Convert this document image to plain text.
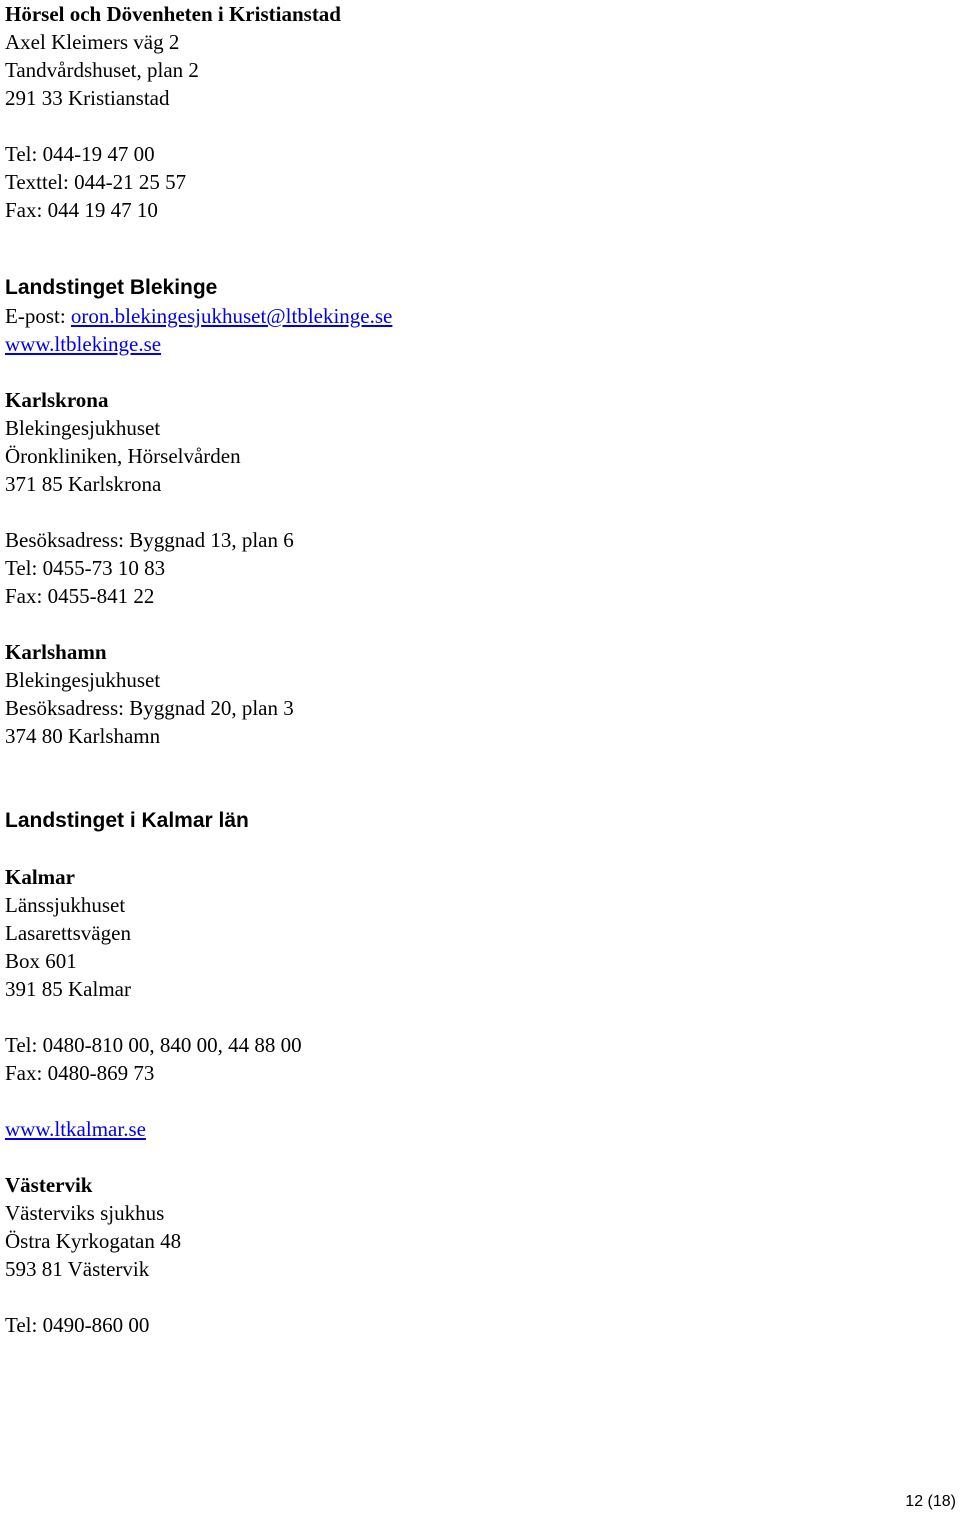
Hörsel och Dövenheten i Kristianstad
Axel Kleimers väg 2
Tandvårdshuset, plan 2
291 33 Kristianstad
Tel: 044-19 47 00
Texttel: 044-21 25 57
Fax: 044 19 47 10
Landstinget Blekinge
E-post: oron.blekingesjukhuset@ltblekinge.se
www.ltblekinge.se
Karlskrona
Blekingesjukhuset
Öronkliniken, Hörselvården
371 85 Karlskrona
Besöksadress: Byggnad 13, plan 6
Tel: 0455-73 10 83
Fax: 0455-841 22
Karlshamn
Blekingesjukhuset
Besöksadress: Byggnad 20, plan 3
374 80 Karlshamn
Landstinget i Kalmar län
Kalmar
Länssjukhuset
Lasarettsvägen
Box 601
391 85 Kalmar
Tel: 0480-810 00, 840 00, 44 88 00
Fax: 0480-869 73
www.ltkalmar.se
Västervik
Västerviks sjukhus
Östra Kyrkogatan 48
593 81 Västervik
Tel: 0490-860 00
12 (18)
